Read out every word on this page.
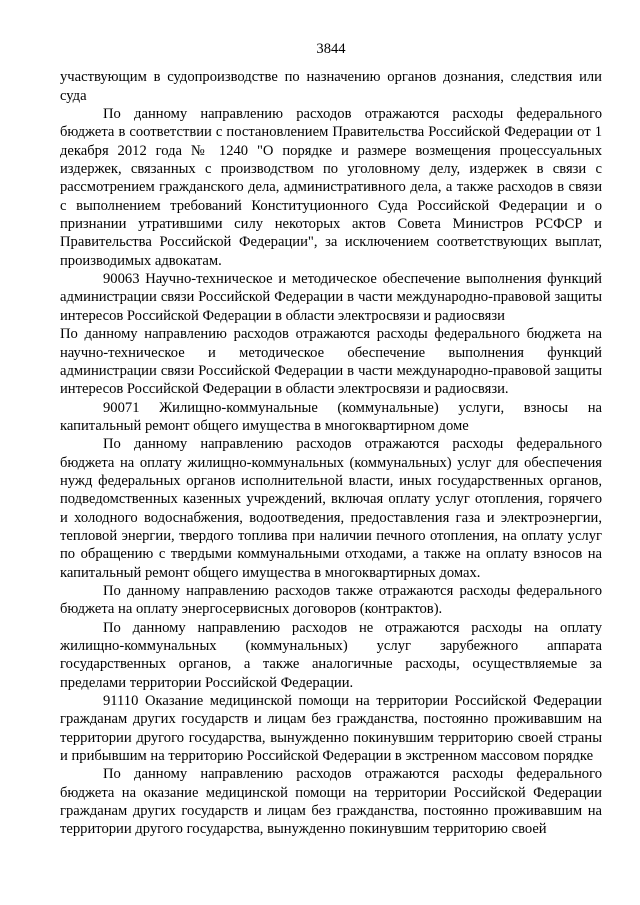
3844

участвующим в судопроизводстве по назначению органов дознания, следствия или суда

По данному направлению расходов отражаются расходы федерального бюджета в соответствии с постановлением Правительства Российской Федерации от 1 декабря 2012 года № 1240 "О порядке и размере возмещения процессуальных издержек, связанных с производством по уголовному делу, издержек в связи с рассмотрением гражданского дела, административного дела, а также расходов в связи с выполнением требований Конституционного Суда Российской Федерации и о признании утратившими силу некоторых актов Совета Министров РСФСР и Правительства Российской Федерации", за исключением соответствующих выплат, производимых адвокатам.

90063 Научно-техническое и методическое обеспечение выполнения функций администрации связи Российской Федерации в части международно-правовой защиты интересов Российской Федерации в области электросвязи и радиосвязи

По данному направлению расходов отражаются расходы федерального бюджета на научно-техническое и методическое обеспечение выполнения функций администрации связи Российской Федерации в части международно-правовой защиты интересов Российской Федерации в области электросвязи и радиосвязи.

90071 Жилищно-коммунальные (коммунальные) услуги, взносы на капитальный ремонт общего имущества в многоквартирном доме

По данному направлению расходов отражаются расходы федерального бюджета на оплату жилищно-коммунальных (коммунальных) услуг для обеспечения нужд федеральных органов исполнительной власти, иных государственных органов, подведомственных казенных учреждений, включая оплату услуг отопления, горячего и холодного водоснабжения, водоотведения, предоставления газа и электроэнергии, тепловой энергии, твердого топлива при наличии печного отопления, на оплату услуг по обращению с твердыми коммунальными отходами, а также на оплату взносов на капитальный ремонт общего имущества в многоквартирных домах.

По данному направлению расходов также отражаются расходы федерального бюджета на оплату энергосервисных договоров (контрактов).

По данному направлению расходов не отражаются расходы на оплату жилищно-коммунальных (коммунальных) услуг зарубежного аппарата государственных органов, а также аналогичные расходы, осуществляемые за пределами территории Российской Федерации.

91110 Оказание медицинской помощи на территории Российской Федерации гражданам других государств и лицам без гражданства, постоянно проживавшим на территории другого государства, вынужденно покинувшим территорию своей страны и прибывшим на территорию Российской Федерации в экстренном массовом порядке

По данному направлению расходов отражаются расходы федерального бюджета на оказание медицинской помощи на территории Российской Федерации гражданам других государств и лицам без гражданства, постоянно проживавшим на территории другого государства, вынужденно покинувшим территорию своей
